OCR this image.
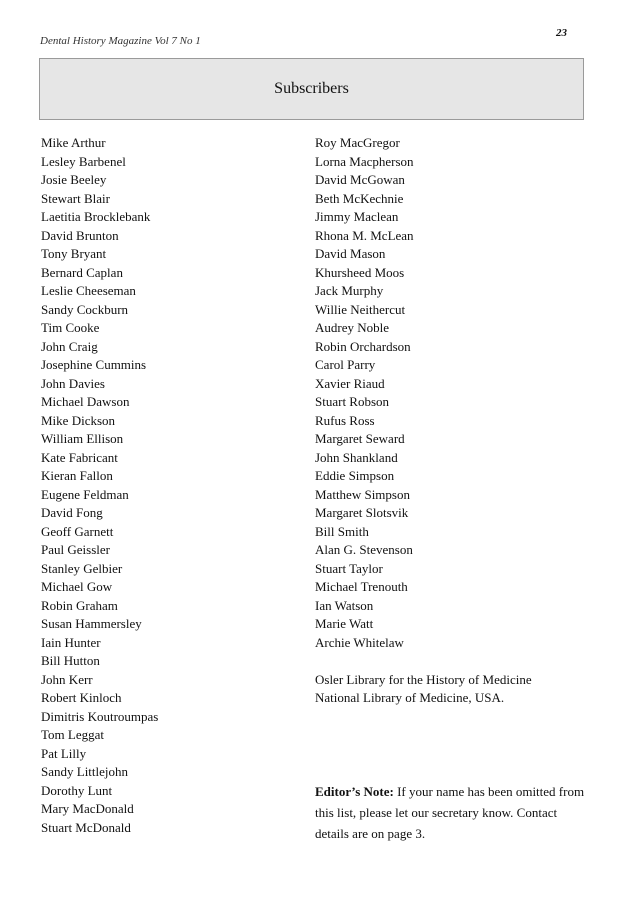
23
Dental History Magazine Vol 7 No 1
Subscribers
Mike Arthur
Lesley Barbenel
Josie Beeley
Stewart Blair
Laetitia Brocklebank
David Brunton
Tony Bryant
Bernard Caplan
Leslie Cheeseman
Sandy Cockburn
Tim Cooke
John Craig
Josephine Cummins
John Davies
Michael Dawson
Mike Dickson
William Ellison
Kate Fabricant
Kieran Fallon
Eugene Feldman
David Fong
Geoff Garnett
Paul Geissler
Stanley Gelbier
Michael Gow
Robin Graham
Susan Hammersley
Iain Hunter
Bill Hutton
John Kerr
Robert Kinloch
Dimitris Koutroumpas
Tom Leggat
Pat Lilly
Sandy Littlejohn
Dorothy Lunt
Mary MacDonald
Stuart McDonald
Roy MacGregor
Lorna Macpherson
David McGowan
Beth McKechnie
Jimmy Maclean
Rhona M. McLean
David Mason
Khursheed Moos
Jack Murphy
Willie Neithercut
Audrey Noble
Robin Orchardson
Carol Parry
Xavier Riaud
Stuart Robson
Rufus Ross
Margaret Seward
John Shankland
Eddie Simpson
Matthew Simpson
Margaret Slotsvik
Bill Smith
Alan G. Stevenson
Stuart Taylor
Michael Trenouth
Ian Watson
Marie Watt
Archie Whitelaw
Osler Library for the History of Medicine
National Library of Medicine, USA.
Editor’s Note: If your name has been omitted from this list, please let our secretary know. Contact details are on page 3.
